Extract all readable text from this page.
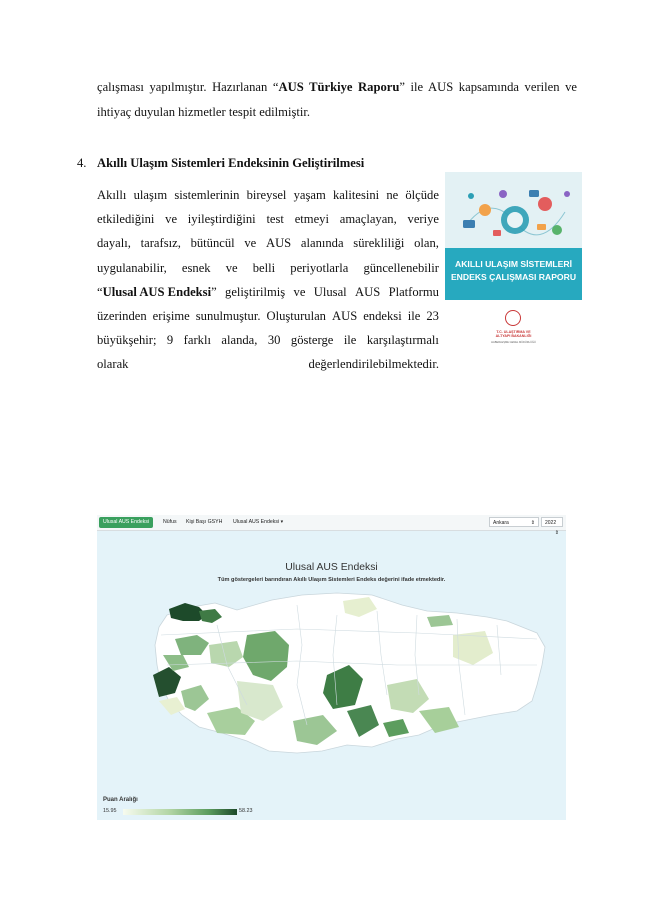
çalışması yapılmıştır. Hazırlanan “AUS Türkiye Raporu” ile AUS kapsamında verilen ve ihtiyaç duyulan hizmetler tespit edilmiştir.
4. Akıllı Ulaşım Sistemleri Endeksinin Geliştirilmesi
Akıllı ulaşım sistemlerinin bireysel yaşam kalitesini ne ölçüde
etkilediğini ve iyileştirdiğini test etmeyi amaçlayan, veriye
dayalı, tarafsız, bütüncül ve AUS alanında sürekliliği olan,
uygulanabilir, esnek ve belli periyotlarla güncellenebilir
“Ulusal AUS Endeksi” geliştirilmiş ve Ulusal AUS Platformu
üzerinden erişime sunulmuştur. Oluşturulan AUS endeksi ile 23
büyükşehir; 9 farklı alanda, 30 gösterge ile karşılaştırmalı
olarak	değerlendirilebilmektedir.
AKILLI ULAŞIM SİSTEMLERİ
ENDEKS ÇALIŞMASI RAPORU
T.C. ULAŞTIRMA VE
ALTYAPI BAKANLIĞI
HABERLEŞME GENEL MÜDÜRLÜĞÜ
Ulusal AUS Endeksi	Nüfus	Kişi Başı GSYH	Ulusal AUS Endeksi ▾	Ankara	⇕	2022
⇕
Ulusal AUS Endeksi
Tüm göstergeleri barındıran Akıllı Ulaşım Sistemleri Endeks değerini ifade etmektedir.
Puan Aralığı
15.95	58.23
